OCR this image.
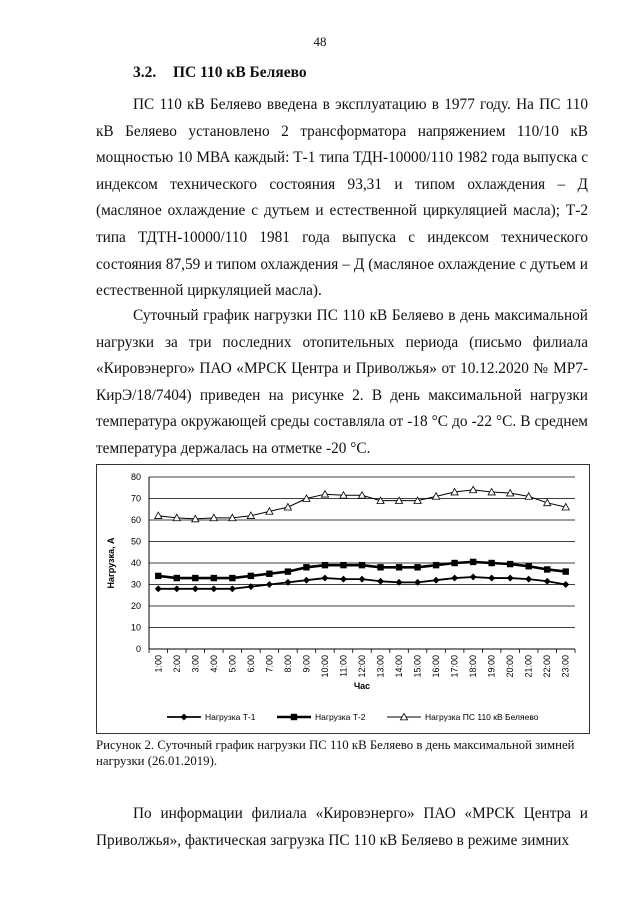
48
3.2. ПС 110 кВ Беляево

ПС 110 кВ Беляево введена в эксплуатацию в 1977 году. На ПС 110 кВ Беляево установлено 2 трансформатора напряжением 110/10 кВ мощностью 10 МВА каждый: Т-1 типа ТДН-10000/110 1982 года выпуска с индексом технического состояния 93,31 и типом охлаждения – Д (масляное охлаждение с дутьем и естественной циркуляцией масла); Т-2 типа ТДТН-10000/110 1981 года выпуска с индексом технического состояния 87,59 и типом охлаждения – Д (масляное охлаждение с дутьем и естественной циркуляцией масла).

Суточный график нагрузки ПС 110 кВ Беляево в день максимальной нагрузки за три последних отопительных периода (письмо филиала «Кировэнерго» ПАО «МРСК Центра и Приволжья» от 10.12.2020 № МР7-КирЭ/18/7404) приведен на рисунке 2. В день максимальной нагрузки температура окружающей среды составляла от -18 °С до -22 °С. В среднем температура держалась на отметке -20 °С.

0
10
20
30
40
50
60
70
80
1:00 2:00 3:00 4:00 5:00 6:00 7:00 8:00 9:00 10:00 11:00 12:00 13:00 14:00 15:00 16:00 17:00 18:00 19:00 20:00 21:00 22:00 23:00
Нагрузка, А
Час
Нагрузка Т-1	Нагрузка Т-2	Нагрузка ПС 110 кВ Беляево
Рисунок 2. Суточный график нагрузки ПС 110 кВ Беляево в день максимальной зимней нагрузки (26.01.2019).

По информации филиала «Кировэнерго» ПАО «МРСК Центра и Приволжья», фактическая загрузка ПС 110 кВ Беляево в режиме зимних
